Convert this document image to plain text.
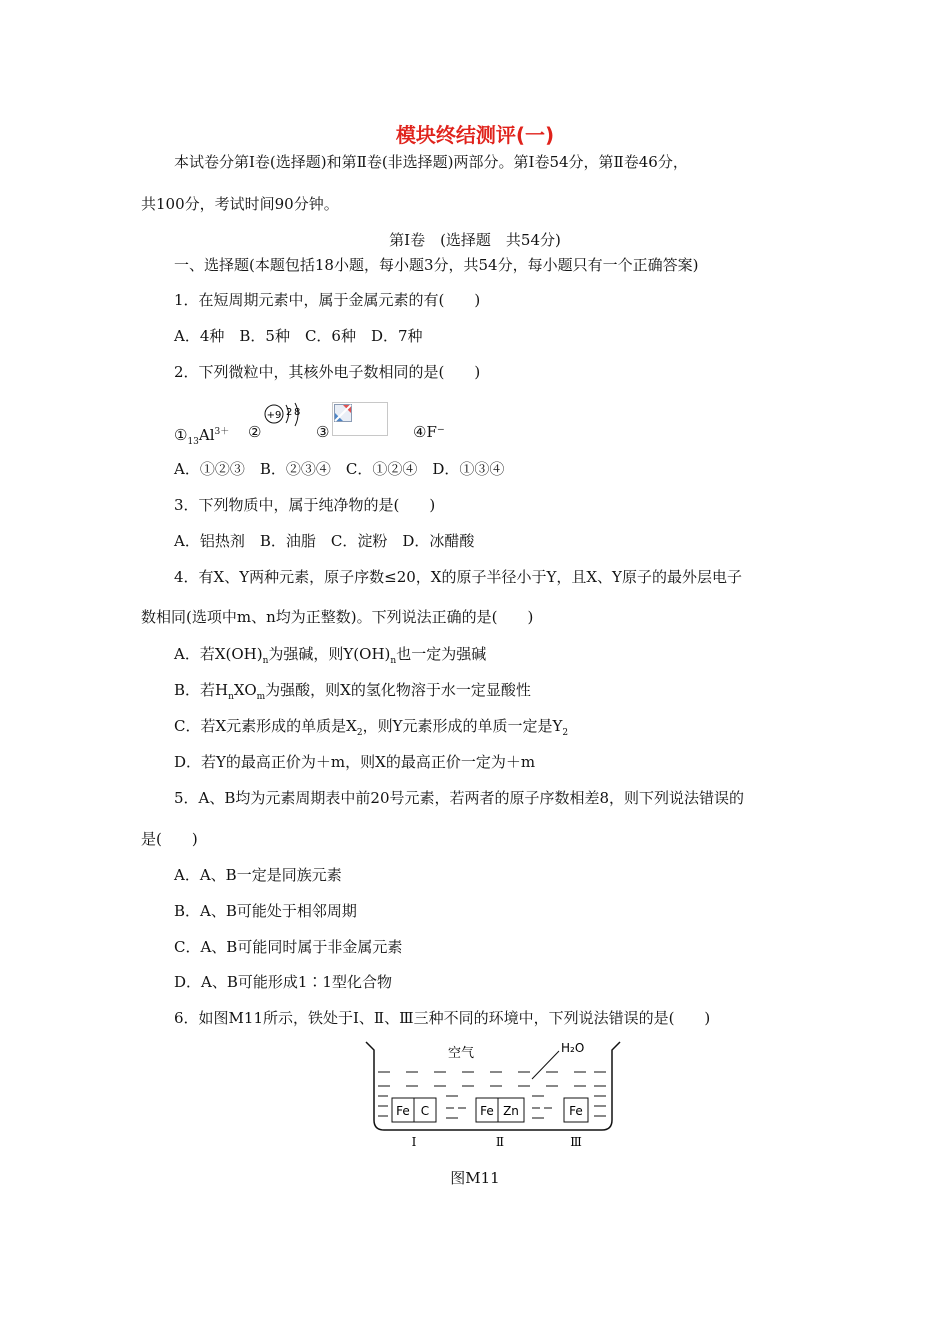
模块终结测评(一)
本试卷分第Ⅰ卷(选择题)和第Ⅱ卷(非选择题)两部分。第Ⅰ卷54分，第Ⅱ卷46分，
共100分，考试时间90分钟。
第Ⅰ卷　(选择题　共54分)
一、选择题(本题包括18小题，每小题3分，共54分，每小题只有一个正确答案)
1．在短周期元素中，属于金属元素的有(　　)
A．4种　B．5种　C．6种　D．7种
2．下列微粒中，其核外电子数相同的是(　　)
$①_{13}Al^{3+}$ ②
+9 2 8
③	④F⁻
A．①②③　B．②③④　C．①②④　D．①③④
3．下列物质中，属于纯净物的是(　　)
A．铝热剂　B．油脂　C．淀粉　D．冰醋酸
4．有X、Y两种元素，原子序数≤20，X的原子半径小于Y，且X、Y原子的最外层电子
数相同(选项中m、n均为正整数)。下列说法正确的是(　　)
A．若$X(OH)_n$为强碱，则$Y(OH)_n$也一定为强碱
B．若$H_nXO_m$为强酸，则X的氢化物溶于水一定显酸性
C．若X元素形成的单质是$X_2$，则Y元素形成的单质一定是$Y_2$
D．若Y的最高正价为＋m，则X的最高正价一定为＋m
5．A、B均为元素周期表中前20号元素，若两者的原子序数相差8，则下列说法错误的
是(　　)
A．A、B一定是同族元素
B．A、B可能处于相邻周期
C．A、B可能同时属于非金属元素
D．A、B可能形成1∶1型化合物
6．如图M11所示，铁处于Ⅰ、Ⅱ、Ⅲ三种不同的环境中，下列说法错误的是(　　)
空气	H₂O
Fe C	Fe Zn	Fe
Ⅰ	Ⅱ	Ⅲ
图M11
